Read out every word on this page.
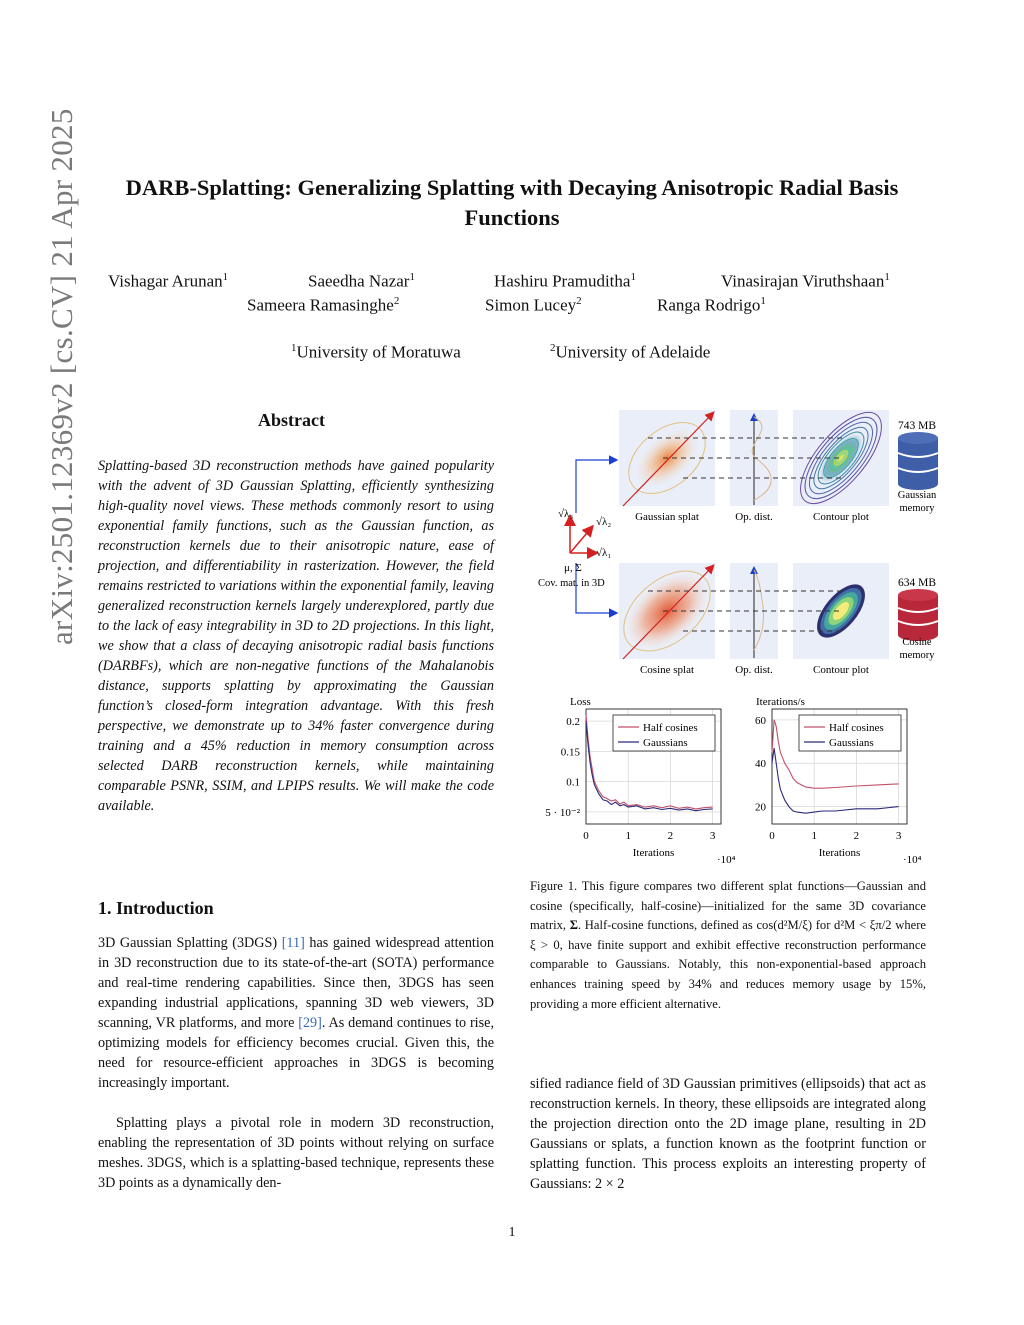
arXiv:2501.12369v2 [cs.CV] 21 Apr 2025	DARB-Splatting: Generalizing Splatting with Decaying Anisotropic Radial Basis Functions
Vishagar Arunan$^1$	Saeedha Nazar$^1$	Hashiru Pramuditha$^1$	Vinasirajan Viruthshaan$^1$
Sameera Ramasinghe$^2$	Simon Lucey$^2$	Ranga Rodrigo$^1$
$^1$University of Moratuwa	$^2$University of Adelaide
Abstract
Splatting-based 3D reconstruction methods have gained popularity with the advent of 3D Gaussian Splatting, efficiently synthesizing high-quality novel views. These methods commonly resort to using exponential family functions, such as the Gaussian function, as reconstruction kernels due to their anisotropic nature, ease of projection, and differentiability in rasterization. However, the field remains restricted to variations within the exponential family, leaving generalized reconstruction kernels largely underexplored, partly due to the lack of easy integrability in 3D to 2D projections. In this light, we show that a class of decaying anisotropic radial basis functions (DARBFs), which are non-negative functions of the Mahalanobis distance, supports splatting by approximating the Gaussian function’s closed-form integration advantage. With this fresh perspective, we demonstrate up to 34% faster convergence during training and a 45% reduction in memory consumption across selected DARB reconstruction kernels, while maintaining comparable PSNR, SSIM, and LPIPS results. We will make the code available.
1. Introduction
3D Gaussian Splatting (3DGS) [11] has gained widespread attention in 3D reconstruction due to its state-of-the-art (SOTA) performance and real-time rendering capabilities. Since then, 3DGS has seen expanding industrial applications, spanning 3D web viewers, 3D scanning, VR platforms, and more [29]. As demand continues to rise, optimizing models for efficiency becomes crucial. Given this, the need for resource-efficient approaches in 3DGS is becoming increasingly important.
Splatting plays a pivotal role in modern 3D reconstruction, enabling the representation of 3D points without relying on surface meshes. 3DGS, which is a splatting-based technique, represents these 3D points as a dynamically den-
sified radiance field of 3D Gaussian primitives (ellipsoids) that act as reconstruction kernels. In theory, these ellipsoids are integrated along the projection direction onto the 2D image plane, resulting in 2D Gaussians or splats, a function known as the footprint function or splatting function. This process exploits an interesting property of Gaussians: 2 × 2
743 MB
Gaussian
memory
Gaussian splat	Op. dist.	Contour plot
√λ₃
√λ₂
√λ₁
μ, Σ
Cov. mat. in 3D	634 MB
Cosine
memory
Cosine splat	Op. dist.	Contour plot
0	1	2	3
0.2
0.15
0.1
5 · 10⁻²
Half cosines
Gaussians
Loss
Iterations
·10⁴
0	1	2	3
60
40
20
Half cosines
Gaussians
Iterations/s
Iterations
·10⁴
Figure 1. This figure compares two different splat functions—Gaussian and cosine (specifically, half-cosine)—initialized for the same 3D covariance matrix, Σ. Half-cosine functions, defined as cos(d²M/ξ) for d²M < ξπ/2 where ξ > 0, have finite support and exhibit effective reconstruction performance comparable to Gaussians. Notably, this non-exponential-based approach enhances training speed by 34% and reduces memory usage by 15%, providing a more efficient alternative.
1
